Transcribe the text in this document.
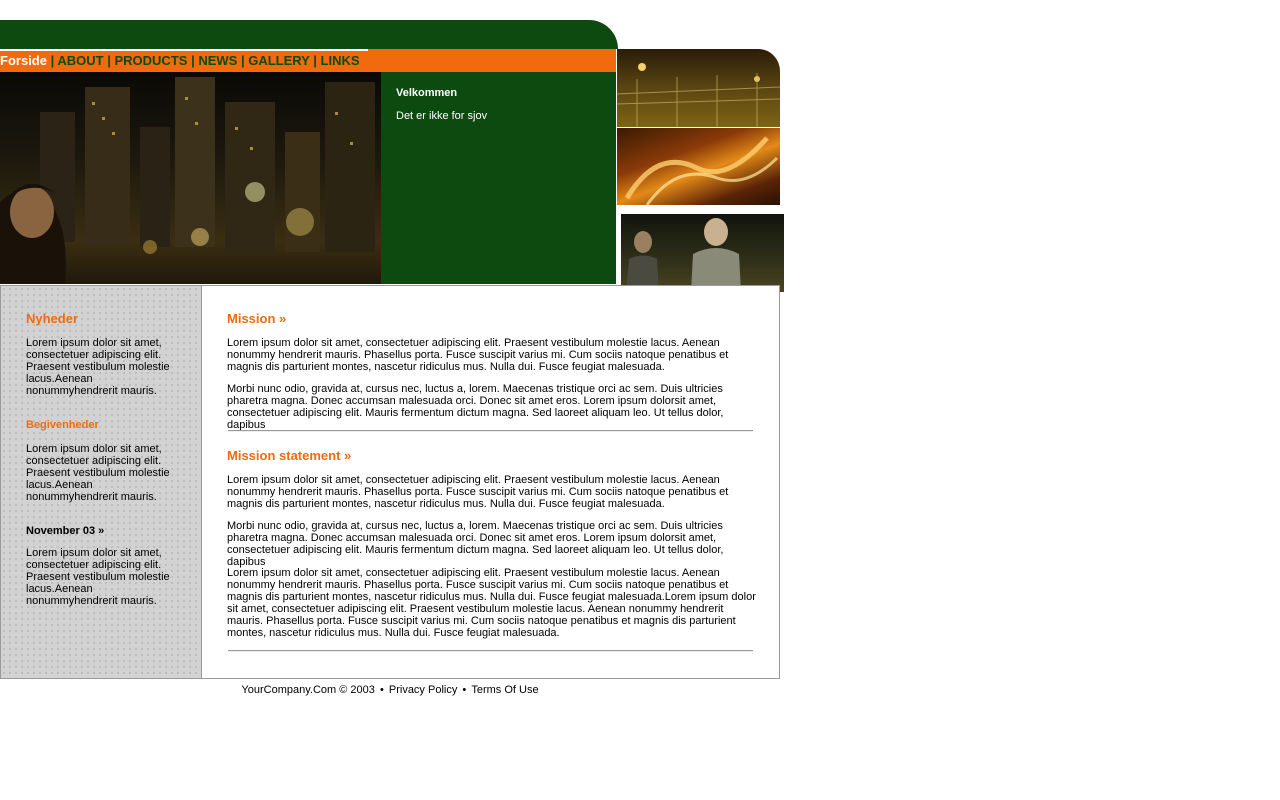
Forside | ABOUT | PRODUCTS | NEWS | GALLERY | LINKS
Velkommen
Det er ikke for sjov
Nyheder
Lorem ipsum dolor sit amet, consectetuer adipiscing elit. Praesent vestibulum molestie lacus.Aenean nonummyhendrerit mauris.
Begivenheder
Lorem ipsum dolor sit amet, consectetuer adipiscing elit. Praesent vestibulum molestie lacus.Aenean nonummyhendrerit mauris.
November 03 »
Lorem ipsum dolor sit amet, consectetuer adipiscing elit. Praesent vestibulum molestie lacus.Aenean nonummyhendrerit mauris.
Mission »
Lorem ipsum dolor sit amet, consectetuer adipiscing elit. Praesent vestibulum molestie lacus. Aenean nonummy hendrerit mauris. Phasellus porta. Fusce suscipit varius mi. Cum sociis natoque penatibus et magnis dis parturient montes, nascetur ridiculus mus. Nulla dui. Fusce feugiat malesuada.
Morbi nunc odio, gravida at, cursus nec, luctus a, lorem. Maecenas tristique orci ac sem. Duis ultricies pharetra magna. Donec accumsan malesuada orci. Donec sit amet eros. Lorem ipsum dolorsit amet, consectetuer adipiscing elit. Mauris fermentum dictum magna. Sed laoreet aliquam leo. Ut tellus dolor, dapibus
Mission statement »
Lorem ipsum dolor sit amet, consectetuer adipiscing elit. Praesent vestibulum molestie lacus. Aenean nonummy hendrerit mauris. Phasellus porta. Fusce suscipit varius mi. Cum sociis natoque penatibus et magnis dis parturient montes, nascetur ridiculus mus. Nulla dui. Fusce feugiat malesuada.
Morbi nunc odio, gravida at, cursus nec, luctus a, lorem. Maecenas tristique orci ac sem. Duis ultricies pharetra magna. Donec accumsan malesuada orci. Donec sit amet eros. Lorem ipsum dolorsit amet, consectetuer adipiscing elit. Mauris fermentum dictum magna. Sed laoreet aliquam leo. Ut tellus dolor, dapibus
Lorem ipsum dolor sit amet, consectetuer adipiscing elit. Praesent vestibulum molestie lacus. Aenean nonummy hendrerit mauris. Phasellus porta. Fusce suscipit varius mi. Cum sociis natoque penatibus et magnis dis parturient montes, nascetur ridiculus mus. Nulla dui. Fusce feugiat malesuada.Lorem ipsum dolor sit amet, consectetuer adipiscing elit. Praesent vestibulum molestie lacus. Aenean nonummy hendrerit mauris. Phasellus porta. Fusce suscipit varius mi. Cum sociis natoque penatibus et magnis dis parturient montes, nascetur ridiculus mus. Nulla dui. Fusce feugiat malesuada.
YourCompany.Com © 2003 • Privacy Policy • Terms Of Use
